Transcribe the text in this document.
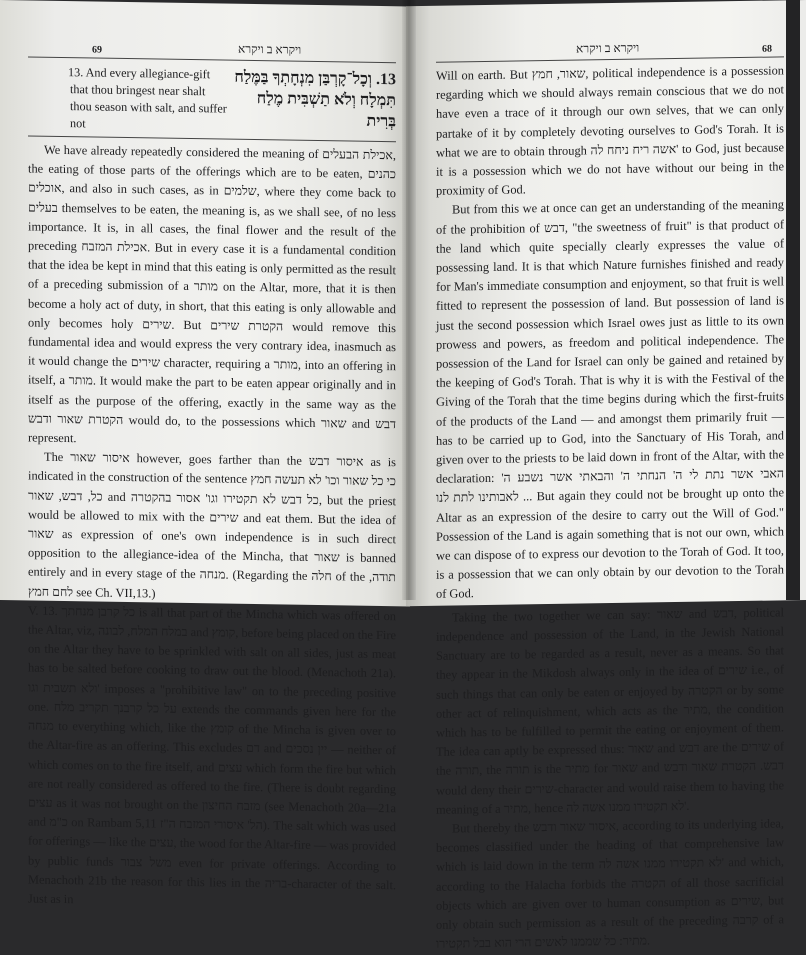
69	ויקרא ב ויקרא
13. And every allegiance-gift that thou bringest near shalt thou season with salt, and suffer not
13. וְכָל־קָרְבַּן מִנְחָתְךָ בַּמֶּלַח
תִּמְלָח וְלֹא תַשְׁבִּית מֶלַח בְּרִית

We have already repeatedly considered the meaning of אכילת הבעלים, the eating of those parts of the offerings which are to be eaten, כהנים אוכלים, and also in such cases, as in שלמים, where they come back to בעלים themselves to be eaten, the meaning is, as we shall see, of no less importance. It is, in all cases, the final flower and the result of the preceding אכילת המזבח. But in every case it is a fundamental condition that the idea be kept in mind that this eating is only permitted as the result of a preceding submission of a מותר on the Altar, more, that it is then become a holy act of duty, in short, that this eating is only allowable and only becomes holy שירים. But הקטרת שירים would remove this fundamental idea and would express the very contrary idea, inasmuch as it would change the שירים character, requiring a מותר, into an offering in itself, a מותר. It would make the part to be eaten appear originally and in itself as the purpose of the offering, exactly in the same way as the הקטרת שאור ודבש would do, to the possessions which שאור and דבש represent.

The איסור שאור however, goes farther than the איסור דבש as is indicated in the construction of the sentence כי כל שאור וכו' לא תעשה חמץ כל, דבש, שאור and כל דבש לא תקטירו וגו' אסור בהקטרה, but the priest would be allowed to mix with the שירים and eat them. But the idea of שאור as expression of one's own independence is in such direct opposition to the allegiance-idea of the Mincha, that שאור is banned entirely and in every stage of the מנחה. (Regarding the חלה of the תודה, לחם חמץ see Ch. VII,13.)

V. 13. כל קרבן מנחתך is all that part of the Mincha which was offered on the Altar, viz, במלח המלח, לבונה and קומץ, before being placed on the Fire on the Altar they have to be sprinkled with salt on all sides, just as meat has to be salted before cooking to draw out the blood. (Menachoth 21a). ולא תשבית וגו' imposes a "prohibitive law" on to the preceding positive one. על כל קרבנך תקריב מלח extends the commands given here for the מנחה to everything which, like the קומץ of the Mincha is given over to the Altar-fire as an offering. This excludes דם and יין נסכים — neither of which comes on to the fire itself, and עצים which form the fire but which are not really considered as offered to the fire. (There is doubt regarding עצים as it was not brought on the מזבח החיצון (see Menachoth 20a—21a and כ"מ on Rambam הל' איסורי המזבח ה"ז 5,11). The salt which was used for offerings — like the עצים, the wood for the Altar-fire — was provided by public funds משל צבור even for private offerings. According to Menachoth 21b the reason for this lies in the בריה-character of the salt. Just as in

ויקרא ב ויקרא	68

Will on earth. But שאור, חמץ, political independence is a possession regarding which we should always remain conscious that we do not have even a trace of it through our own selves, that we can only partake of it by completely devoting ourselves to God's Torah. It is what we are to obtain through אשה ריח ניחח לה' to God, just because it is a possession which we do not have without our being in the proximity of God.

But from this we at once can get an understanding of the meaning of the prohibition of דבש, "the sweetness of fruit" is that product of the land which quite specially clearly expresses the value of possessing land. It is that which Nature furnishes finished and ready for Man's immediate consumption and enjoyment, so that fruit is well fitted to represent the possession of land. But possession of land is just the second possession which Israel owes just as little to its own prowess and powers, as freedom and political independence. The possession of the Land for Israel can only be gained and retained by the keeping of God's Torah. That is why it is with the Festival of the Giving of the Torah that the time begins during which the first-fruits of the products of the Land — and amongst them primarily fruit — has to be carried up to God, into the Sanctuary of His Torah, and given over to the priests to be laid down in front of the Altar, with the declaration: האבי אשר נתת לי ה' הנחתי ה' והבאתי אשר נשבע ה' לאבותינו לתת לנו ... But again they could not be brought up onto the Altar as an expression of the desire to carry out the Will of God." Possession of the Land is again something that is not our own, which we can dispose of to express our devotion to the Torah of God. It too, is a possession that we can only obtain by our devotion to the Torah of God.

Taking the two together we can say: שאור and דבש, political independence and possession of the Land, in the Jewish National Sanctuary are to be regarded as a result, never as a means. So that they appear in the Mikdosh always only in the idea of שירים i.e., of such things that can only be eaten or enjoyed by הקטרה or by some other act of relinquishment, which acts as the מתיר, the condition which has to be fulfilled to permit the eating or enjoyment of them. The idea can aptly be expressed thus: שאור and דבש are the שירים of the תורה, the תורה is the מתיר for שאור and דבש. הקטרת שאור ודבש would deny their שירים-character and would raise them to having the meaning of a מתיר, hence לא תקטירו ממנו אשה לה'.

But thereby the איסור שאור ודבש, according to its underlying idea, becomes classified under the heading of that comprehensive law which is laid down in the term לא תקטירו ממנו אשה לה' and which, according to the Halacha forbids the הקטרה of all those sacrificial objects which are given over to human consumption as שירים, but only obtain such permission as a result of the preceding קרבה of a מתיר: כל שממנו לאשים הרי הוא בבל תקטירו.
